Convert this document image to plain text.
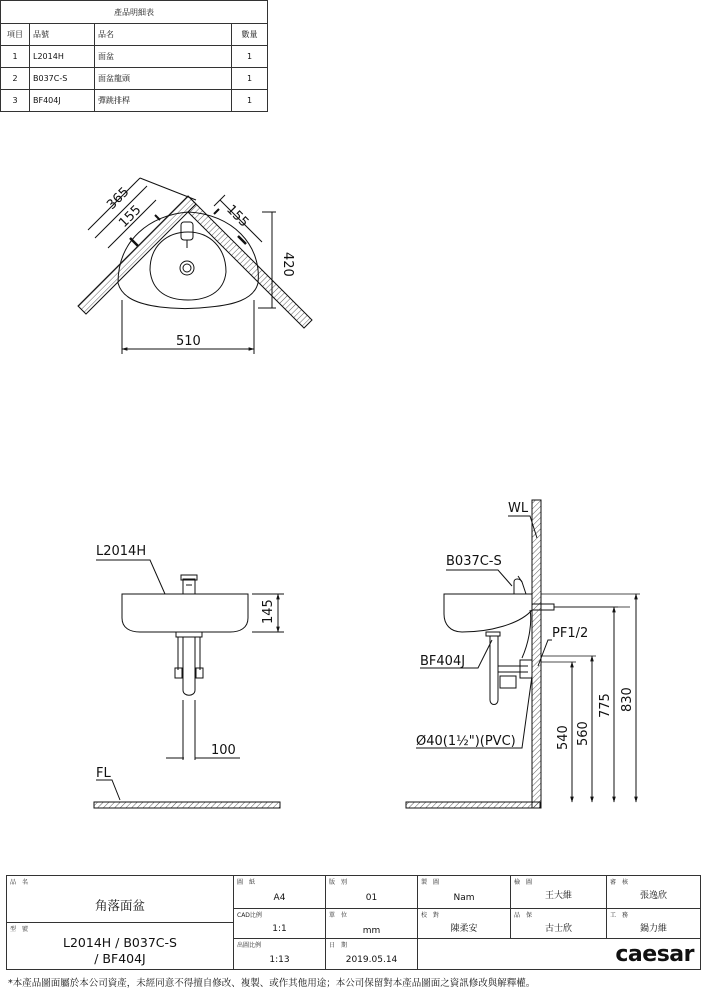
產品明細表			
項目	品號	品名	數量
1	L2014H	面盆	1
2	B037C-S	面盆龍頭	1
3	BF404J	彈跳排桿	1
365
155	155
420
510
L2014H
145
100
FL
WL
B037C-S
PF1/2
BF404J
Ø40(1½")(PVC)	540 560
775 830
品　名
角落面盆
型　號
L2014H / B037C-S
/ BF404J
圖　紙
A4
CAD比例
1:1
出圖比例
1:13
版　別
01
單　位
mm
日　期
2019.05.14
製　圖
Nam
校　對
陳柔安
檢　圖
王大維
品　保
古士欣
審　核
張逸欣
工　務
鍋力維
caesar
*本產品圖面屬於本公司資產，未經同意不得擅自修改、複製、或作其他用途；本公司保留對本產品圖面之資訊修改與解釋權。
